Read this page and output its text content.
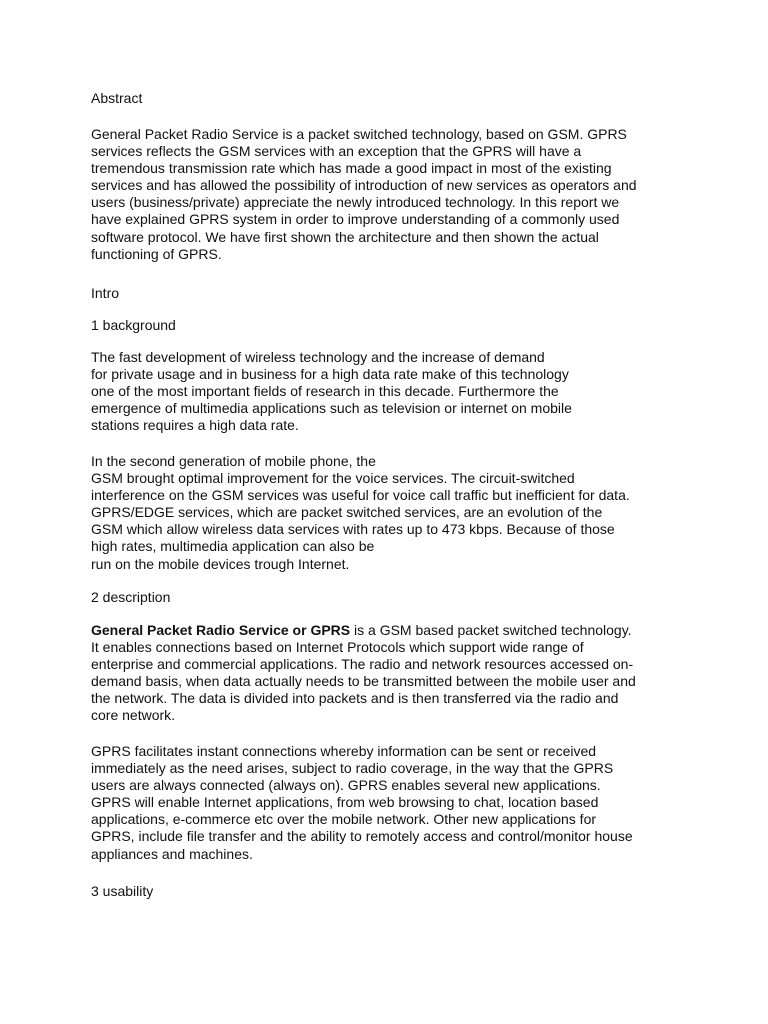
Abstract
General Packet Radio Service is a packet switched technology, based on GSM. GPRS
services reflects the GSM services with an exception that the GPRS will have a
tremendous transmission rate which has made a good impact in most of the existing
services and has allowed the possibility of introduction of new services as operators and
users (business/private) appreciate the newly introduced technology. In this report we
have explained GPRS system in order to improve understanding of a commonly used
software protocol. We have first shown the architecture and then shown the actual
functioning of GPRS.
Intro
1 background
The fast development of wireless technology and the increase of demand
for private usage and in business for a high data rate make of this technology
one of the most important fields of research in this decade. Furthermore the
emergence of multimedia applications such as television or internet on mobile
stations requires a high data rate.
In the second generation of mobile phone, the
GSM brought optimal improvement for the voice services. The circuit-switched
interference on the GSM services was useful for voice call traffic but inefficient for data.
GPRS/EDGE services, which are packet switched services, are an evolution of the
GSM which allow wireless data services with rates up to 473 kbps. Because of those
high rates, multimedia application can also be
run on the mobile devices trough Internet.
2 description
General Packet Radio Service or GPRS is a GSM based packet switched technology.
It enables connections based on Internet Protocols which support wide range of
enterprise and commercial applications. The radio and network resources accessed on-
demand basis, when data actually needs to be transmitted between the mobile user and
the network. The data is divided into packets and is then transferred via the radio and
core network.
GPRS facilitates instant connections whereby information can be sent or received
immediately as the need arises, subject to radio coverage, in the way that the GPRS
users are always connected (always on). GPRS enables several new applications.
GPRS will enable Internet applications, from web browsing to chat, location based
applications, e-commerce etc over the mobile network. Other new applications for
GPRS, include file transfer and the ability to remotely access and control/monitor house
appliances and machines.
3 usability
